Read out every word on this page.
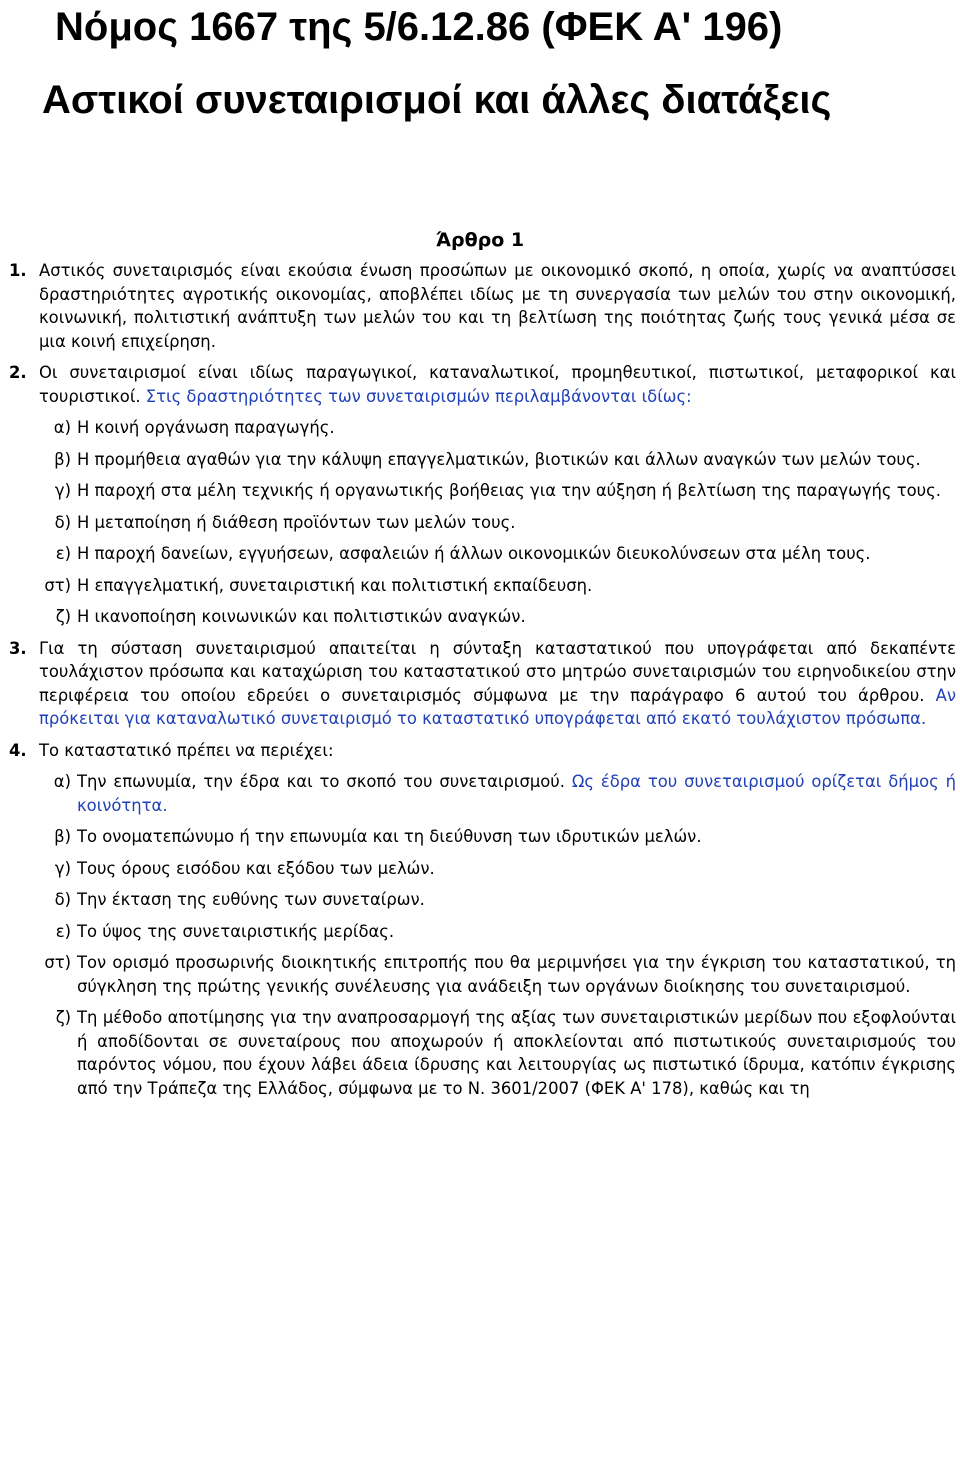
Νόμος 1667 της 5/6.12.86 (ΦΕΚ Α' 196)
Αστικοί συνεταιρισμοί και άλλες διατάξεις
Άρθρο 1
1. Αστικός συνεταιρισμός είναι εκούσια ένωση προσώπων με οικονομικό σκοπό, η οποία, χωρίς να αναπτύσσει δραστηριότητες αγροτικής οικονομίας, αποβλέπει ιδίως με τη συνεργασία των μελών του στην οικονομική, κοινωνική, πολιτιστική ανάπτυξη των μελών του και τη βελτίωση της ποιότητας ζωής τους γενικά μέσα σε μια κοινή επιχείρηση.
2. Οι συνεταιρισμοί είναι ιδίως παραγωγικοί, καταναλωτικοί, προμηθευτικοί, πιστωτικοί, μεταφορικοί και τουριστικοί. Στις δραστηριότητες των συνεταιρισμών περιλαμβάνονται ιδίως:
α) Η κοινή οργάνωση παραγωγής.
β) Η προμήθεια αγαθών για την κάλυψη επαγγελματικών, βιοτικών και άλλων αναγκών των μελών τους.
γ) Η παροχή στα μέλη τεχνικής ή οργανωτικής βοήθειας για την αύξηση ή βελτίωση της παραγωγής τους.
δ) Η μεταποίηση ή διάθεση προϊόντων των μελών τους.
ε) Η παροχή δανείων, εγγυήσεων, ασφαλειών ή άλλων οικονομικών διευκολύνσεων στα μέλη τους.
στ) Η επαγγελματική, συνεταιριστική και πολιτιστική εκπαίδευση.
ζ) Η ικανοποίηση κοινωνικών και πολιτιστικών αναγκών.
3. Για τη σύσταση συνεταιρισμού απαιτείται η σύνταξη καταστατικού που υπογράφεται από δεκαπέντε τουλάχιστον πρόσωπα και καταχώριση του καταστατικού στο μητρώο συνεταιρισμών του ειρηνοδικείου στην περιφέρεια του οποίου εδρεύει ο συνεταιρισμός σύμφωνα με την παράγραφο 6 αυτού του άρθρου. Αν πρόκειται για καταναλωτικό συνεταιρισμό το καταστατικό υπογράφεται από εκατό τουλάχιστον πρόσωπα.
4. Το καταστατικό πρέπει να περιέχει:
α) Την επωνυμία, την έδρα και το σκοπό του συνεταιρισμού. Ως έδρα του συνεταιρισμού ορίζεται δήμος ή κοινότητα.
β) Το ονοματεπώνυμο ή την επωνυμία και τη διεύθυνση των ιδρυτικών μελών.
γ) Τους όρους εισόδου και εξόδου των μελών.
δ) Την έκταση της ευθύνης των συνεταίρων.
ε) Το ύψος της συνεταιριστικής μερίδας.
στ) Τον ορισμό προσωρινής διοικητικής επιτροπής που θα μεριμνήσει για την έγκριση του καταστατικού, τη σύγκληση της πρώτης γενικής συνέλευσης για ανάδειξη των οργάνων διοίκησης του συνεταιρισμού.
ζ) Τη μέθοδο αποτίμησης για την αναπροσαρμογή της αξίας των συνεταιριστικών μερίδων που εξοφλούνται ή αποδίδονται σε συνεταίρους που αποχωρούν ή αποκλείονται από πιστωτικούς συνεταιρισμούς του παρόντος νόμου, που έχουν λάβει άδεια ίδρυσης και λειτουργίας ως πιστωτικό ίδρυμα, κατόπιν έγκρισης από την Τράπεζα της Ελλάδος, σύμφωνα με το Ν. 3601/2007 (ΦΕΚ Α' 178), καθώς και τη
